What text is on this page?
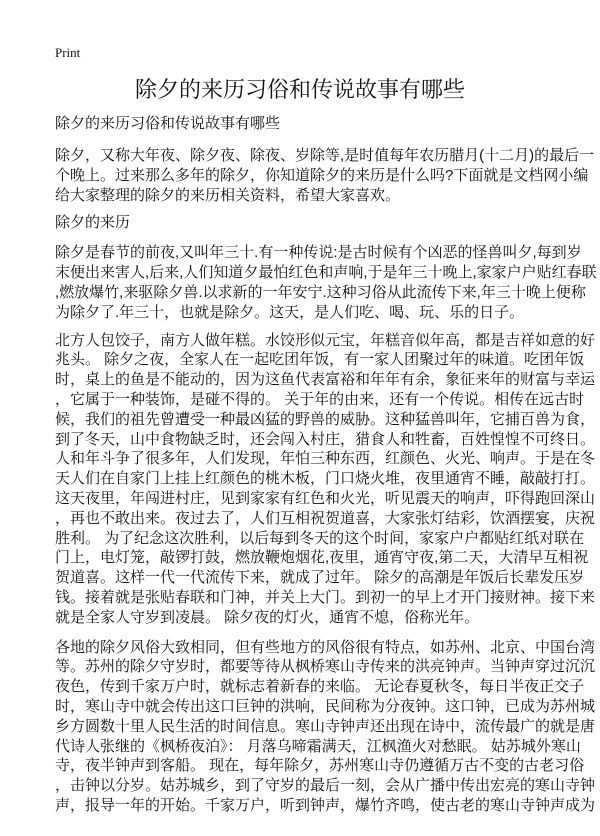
Print
除夕的来历习俗和传说故事有哪些
除夕的来历习俗和传说故事有哪些
除夕，又称大年夜、除夕夜、除夜、岁除等,是时值每年农历腊月(十二月)的最后一
个晚上。过来那么多年的除夕，你知道除夕的来历是什么吗?下面就是文档网小编
给大家整理的除夕的来历相关资料，希望大家喜欢。
除夕的来历
除夕是春节的前夜,又叫年三十.有一种传说:是古时候有个凶恶的怪兽叫夕,每到岁
末便出来害人,后来,人们知道夕最怕红色和声响,于是年三十晚上,家家户户贴红春联
,燃放爆竹,来驱除夕兽.以求新的一年安宁.这种习俗从此流传下来,年三十晚上便称
为除夕了.年三十，也就是除夕。这天，是人们吃、喝、玩、乐的日子。
北方人包饺子，南方人做年糕。水饺形似元宝，年糕音似年高，都是吉祥如意的好
兆头。 除夕之夜，全家人在一起吃团年饭，有一家人团聚过年的味道。吃团年饭
时，桌上的鱼是不能动的，因为这鱼代表富裕和年年有余，象征来年的财富与幸运
，它属于一种装饰，是碰不得的。 关于年的由来，还有一个传说。相传在远古时
候，我们的祖先曾遭受一种最凶猛的野兽的威胁。这种猛兽叫年，它捕百兽为食，
到了冬天，山中食物缺乏时，还会闯入村庄，猎食人和牲畜，百姓惶惶不可终日。
人和年斗争了很多年，人们发现，年怕三种东西，红颜色、火光、响声。于是在冬
天人们在自家门上挂上红颜色的桃木板，门口烧火堆，夜里通宵不睡，敲敲打打。
这天夜里，年闯进村庄，见到家家有红色和火光，听见震天的响声，吓得跑回深山
，再也不敢出来。夜过去了，人们互相祝贺道喜，大家张灯结彩，饮酒摆宴，庆祝
胜利。 为了纪念这次胜利，以后每到冬天的这个时间，家家户户都贴红纸对联在
门上，电灯笼，敲锣打鼓，燃放鞭炮烟花,夜里，通宵守夜,第二天，大清早互相祝
贺道喜。这样一代一代流传下来，就成了过年。 除夕的高潮是年饭后长辈发压岁
钱。接着就是张贴春联和门神，并关上大门。到初一的早上才开门接财神。接下来
就是全家人守岁到凌晨。 除夕夜的灯火，通宵不熄，俗称光年。
各地的除夕风俗大致相同，但有些地方的风俗很有特点，如苏州、北京、中国台湾
等。苏州的除夕守岁时，都要等待从枫桥寒山寺传来的洪亮钟声。当钟声穿过沉沉
夜色，传到千家万户时，就标志着新春的来临。 无论春夏秋冬，每日半夜正交子
时，寒山寺中就会传出这口巨钟的洪响，民间称为分夜钟。这口钟，已成为苏州城
乡方圆数十里人民生活的时间信息。寒山寺钟声还出现在诗中，流传最广的就是唐
代诗人张继的《枫桥夜泊》： 月落乌啼霜满天，江枫渔火对愁眠。 姑苏城外寒山
寺，夜半钟声到客船。 现在，每年除夕，苏州寒山寺仍遵循万古不变的古老习俗
，击钟以分岁。姑苏城乡，到了守岁的最后一刻，会从广播中传出宏亮的寒山寺钟
声，报导一年的开始。千家万户，听到钟声，爆竹齐鸣，使古老的寒山寺钟声成为
